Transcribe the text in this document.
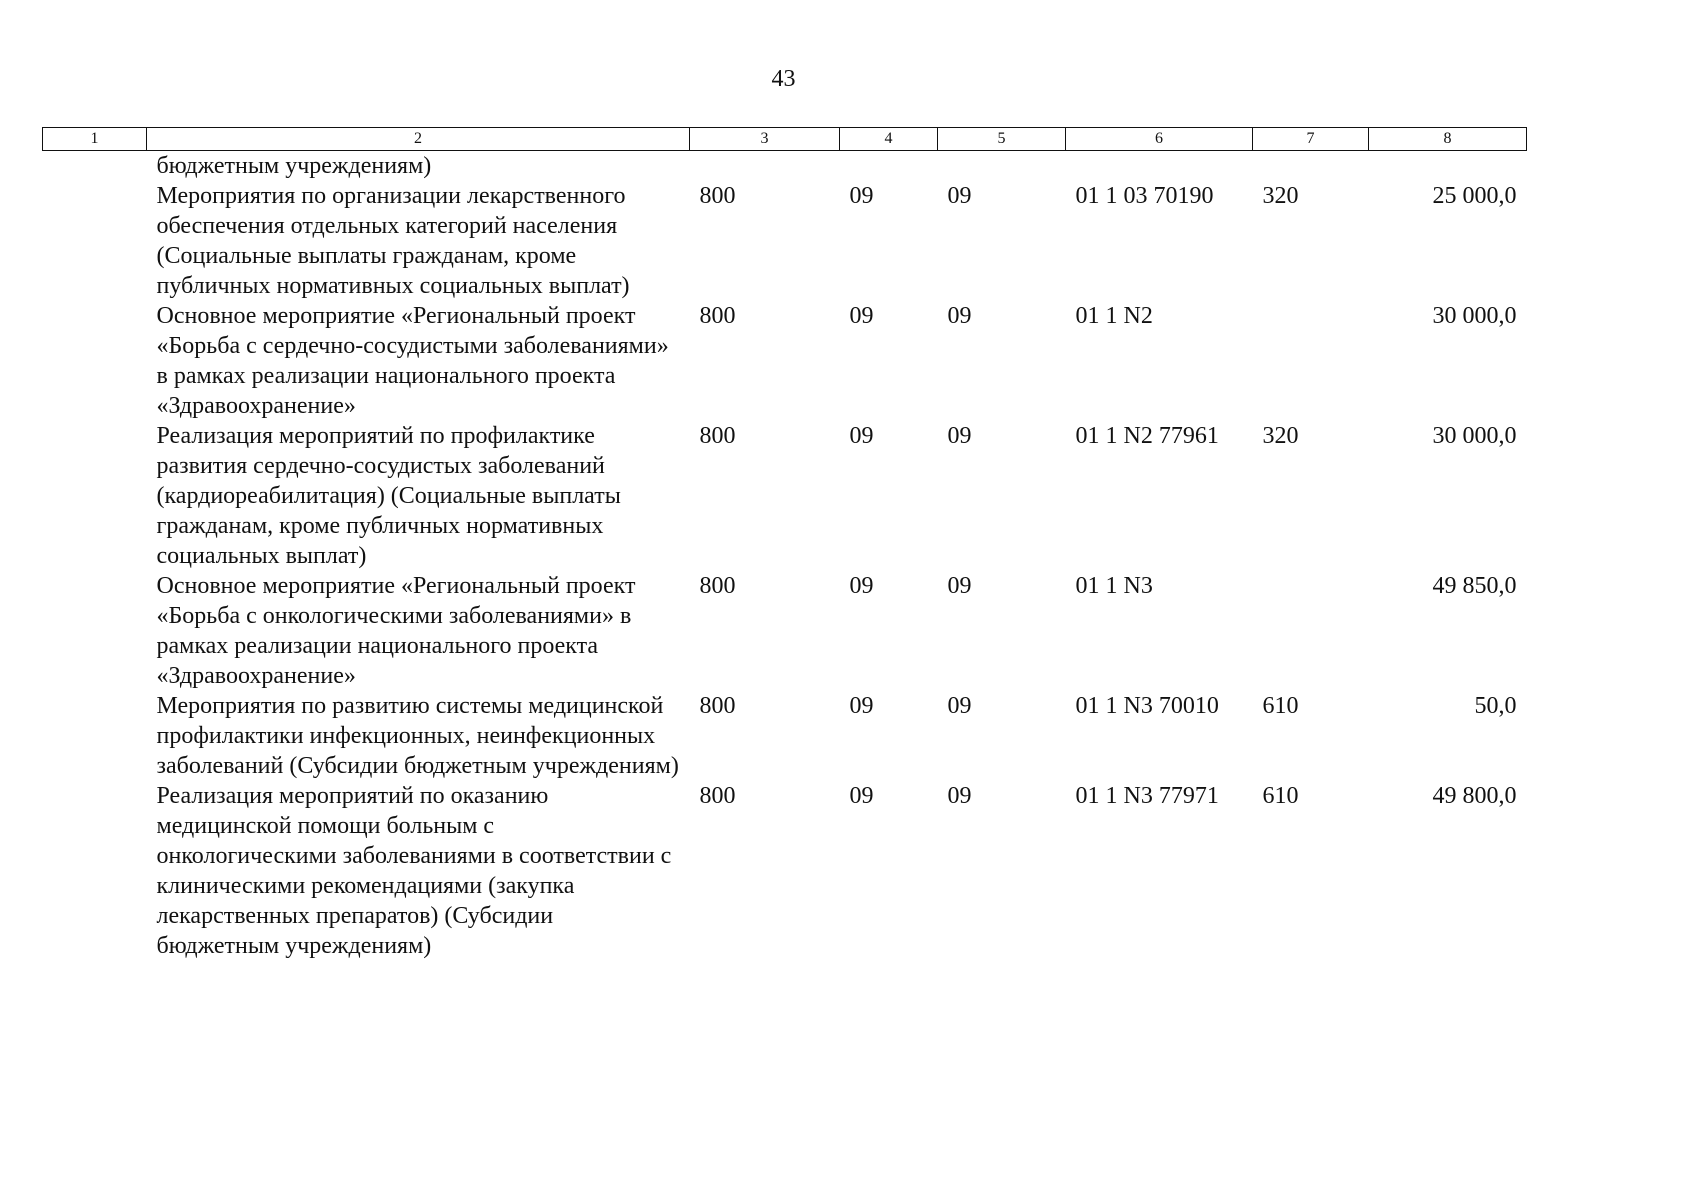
43
1	2	3	4	5	6	7	8
	бюджетным учреждениям)						
	Мероприятия по организации лекарственного обеспечения отдельных категорий населения (Социальные выплаты гражданам, кроме публичных нормативных социальных выплат)	800	09	09	01 1 03 70190	320	25 000,0
	Основное мероприятие «Региональный проект «Борьба с сердечно-сосудистыми заболеваниями» в рамках реализации национального проекта «Здравоохранение»	800	09	09	01 1 N2		30 000,0
	Реализация мероприятий по профилактике развития сердечно-сосудистых заболеваний (кардиореабилитация) (Социальные выплаты гражданам, кроме публичных нормативных социальных выплат)	800	09	09	01 1 N2 77961	320	30 000,0
	Основное мероприятие «Региональный проект «Борьба с онкологическими заболеваниями» в рамках реализации национального проекта «Здравоохранение»	800	09	09	01 1 N3		49 850,0
	Мероприятия по развитию системы медицинской профилактики инфекционных, неинфекционных заболеваний (Субсидии бюджетным учреждениям)	800	09	09	01 1 N3 70010	610	50,0
	Реализация мероприятий по оказанию медицинской помощи больным с онкологическими заболеваниями в соответствии с клиническими рекомендациями (закупка лекарственных препаратов) (Субсидии бюджетным учреждениям)	800	09	09	01 1 N3 77971	610	49 800,0
